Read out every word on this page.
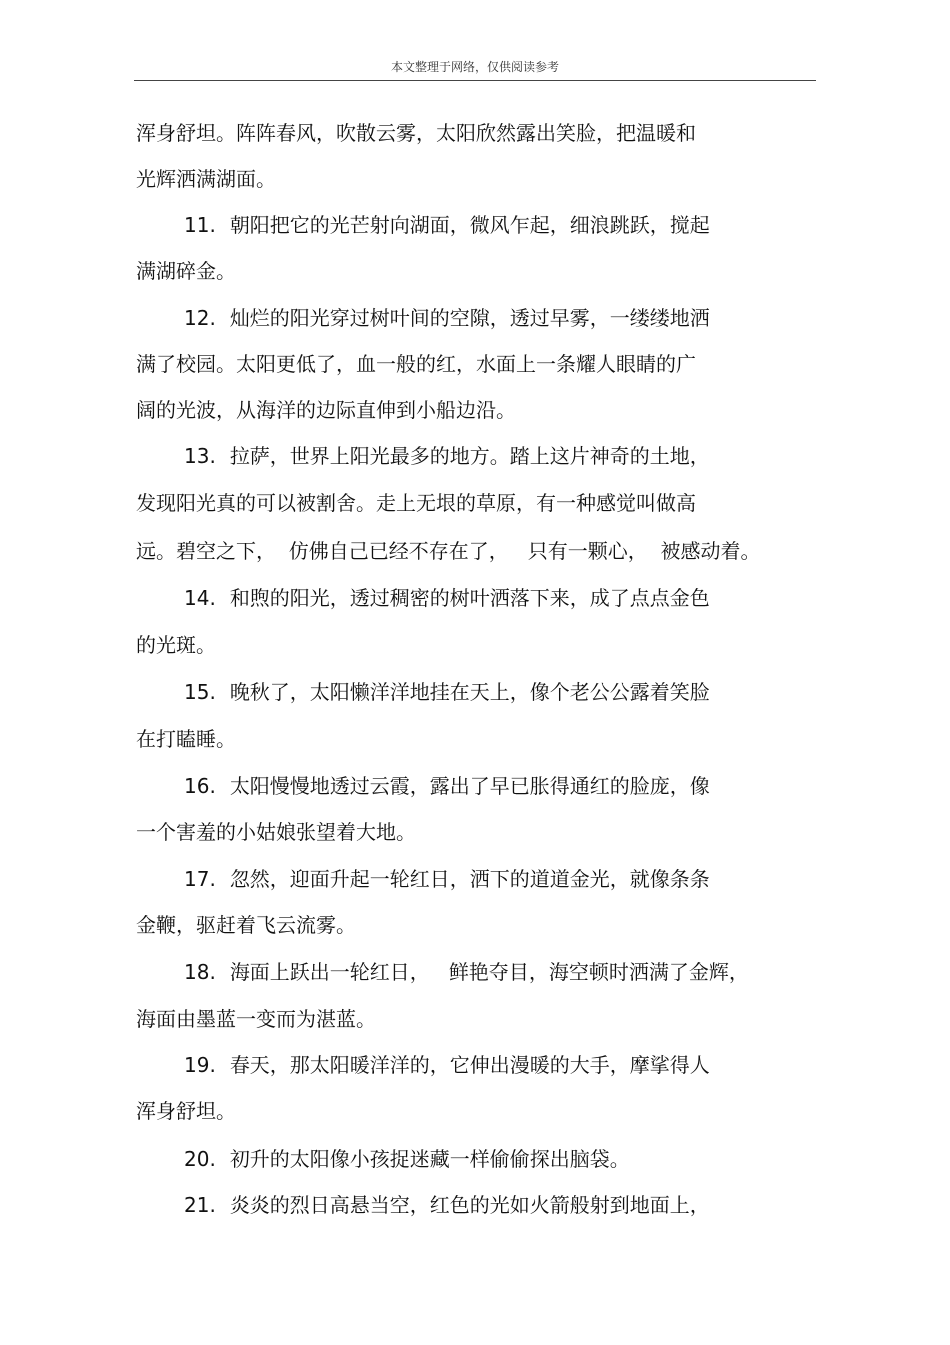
本文整理于网络，仅供阅读参考
浑身舒坦。阵阵春风，吹散云雾，太阳欣然露出笑脸，把温暖和
光辉洒满湖面。
11. 朝阳把它的光芒射向湖面，微风乍起，细浪跳跃，搅起
满湖碎金。
12. 灿烂的阳光穿过树叶间的空隙，透过早雾，一缕缕地洒
满了校园。太阳更低了，血一般的红，水面上一条耀人眼睛的广
阔的光波，从海洋的边际直伸到小船边沿。
13. 拉萨，世界上阳光最多的地方。踏上这片神奇的土地，
发现阳光真的可以被割舍。走上无垠的草原，有一种感觉叫做高
远。碧空之下，  仿佛自己已经不存在了，   只有一颗心，  被感动着。
14. 和煦的阳光，透过稠密的树叶洒落下来，成了点点金色
的光斑。
15. 晚秋了，太阳懒洋洋地挂在天上，像个老公公露着笑脸
在打瞌睡。
16. 太阳慢慢地透过云霞，露出了早已胀得通红的脸庞，像
一个害羞的小姑娘张望着大地。
17. 忽然，迎面升起一轮红日，洒下的道道金光，就像条条
金鞭，驱赶着飞云流雾。
18. 海面上跃出一轮红日，   鲜艳夺目，海空顿时洒满了金辉，
海面由墨蓝一变而为湛蓝。
19. 春天，那太阳暖洋洋的，它伸出漫暖的大手，摩挲得人
浑身舒坦。
20. 初升的太阳像小孩捉迷藏一样偷偷探出脑袋。
21. 炎炎的烈日高悬当空，红色的光如火箭般射到地面上，
